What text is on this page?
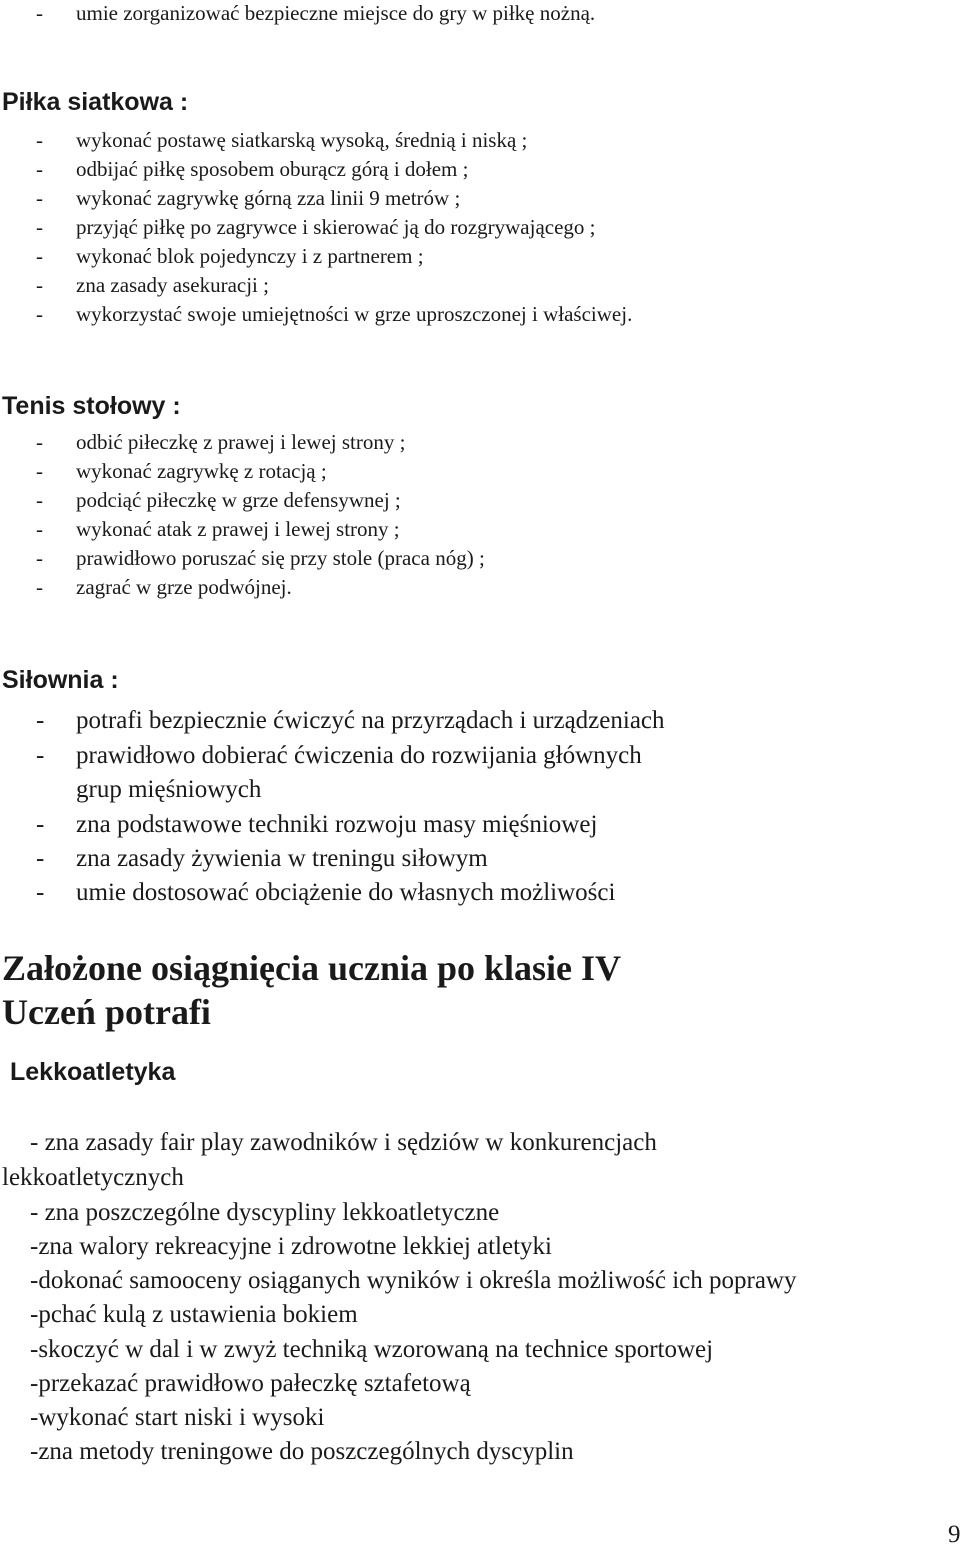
- umie zorganizować bezpieczne miejsce do gry w piłkę nożną.
Piłka siatkowa :
- wykonać postawę siatkarską wysoką, średnią i niską ;
- odbijać piłkę sposobem oburącz górą i dołem ;
- wykonać zagrywkę górną zza linii 9 metrów ;
- przyjąć piłkę po zagrywce i skierować ją do rozgrywającego ;
- wykonać blok pojedynczy i z partnerem ;
- zna zasady asekuracji ;
- wykorzystać swoje umiejętności w grze uproszczonej i właściwej.
Tenis stołowy :
- odbić piłeczkę z prawej i lewej strony ;
- wykonać zagrywkę z rotacją ;
- podciąć piłeczkę w grze defensywnej ;
- wykonać atak z prawej i lewej strony ;
- prawidłowo poruszać się przy stole (praca nóg) ;
- zagrać w grze podwójnej.
Siłownia :
- potrafi bezpiecznie ćwiczyć na przyrządach i urządzeniach
- prawidłowo dobierać ćwiczenia do rozwijania głównych
grup mięśniowych
- zna podstawowe techniki rozwoju masy mięśniowej
- zna zasady żywienia w treningu siłowym
- umie dostosować obciążenie do własnych możliwości
Założone osiągnięcia ucznia po klasie IV
Uczeń potrafi
Lekkoatletyka
- zna zasady fair play zawodników i sędziów w konkurencjach
lekkoatletycznych
- zna poszczególne dyscypliny lekkoatletyczne
-zna walory rekreacyjne i zdrowotne lekkiej atletyki
-dokonać samooceny osiąganych wyników i określa możliwość ich poprawy
-pchać kulą z ustawienia bokiem
-skoczyć w dal i w zwyż techniką wzorowaną na technice sportowej
-przekazać prawidłowo pałeczkę sztafetową
-wykonać start niski i wysoki
-zna metody treningowe do poszczególnych dyscyplin
9
